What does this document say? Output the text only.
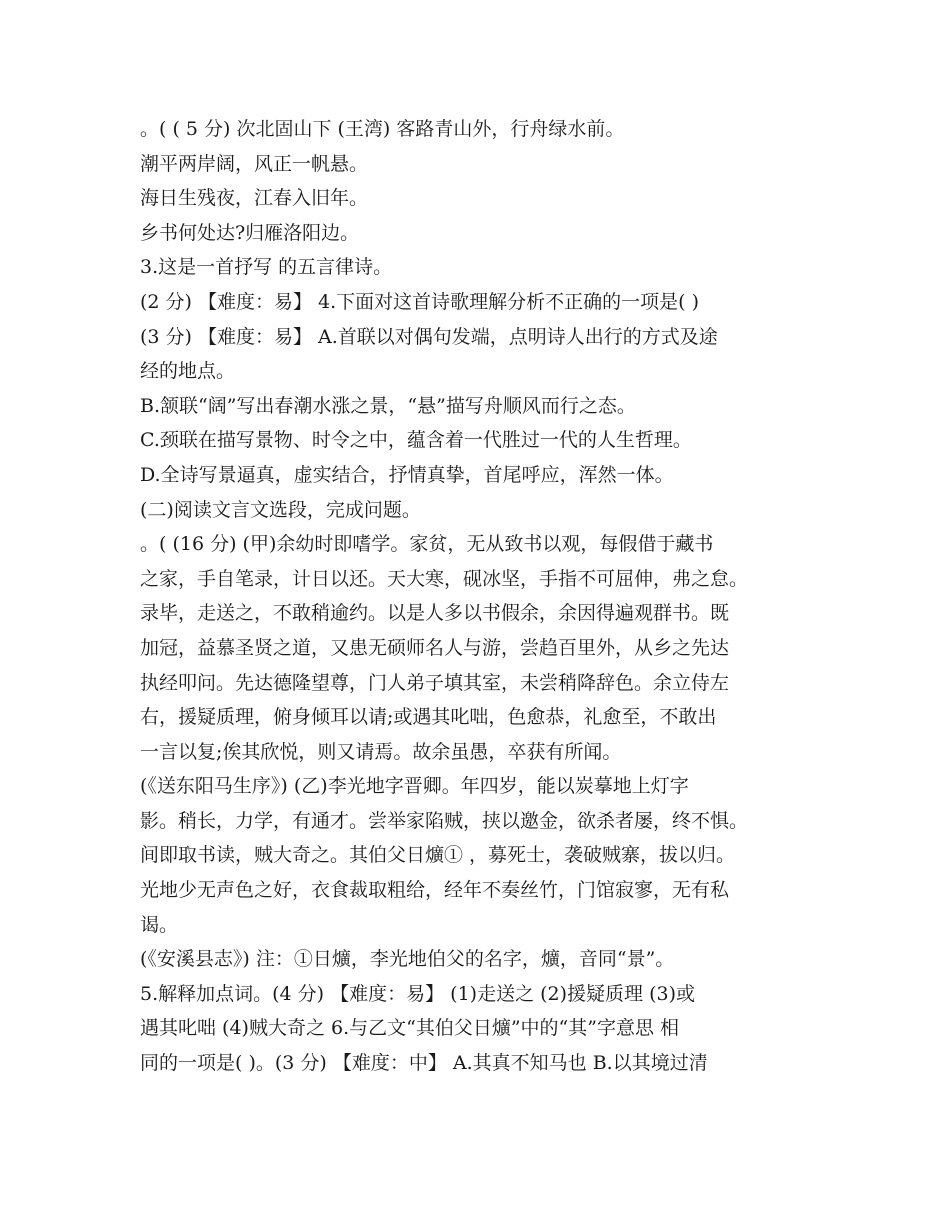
。( ( 5 分) 次北固山下 (王湾) 客路青山外，行舟绿水前。
潮平两岸阔，风正一帆悬。
海日生残夜，江春入旧年。
乡书何处达?归雁洛阳边。
3.这是一首抒写 的五言律诗。
(2 分) 【难度：易】 4.下面对这首诗歌理解分析不正确的一项是( )
(3 分) 【难度：易】 A.首联以对偶句发端，点明诗人出行的方式及途
经的地点。
B.颔联“阔”写出春潮水涨之景，“悬”描写舟顺风而行之态。
C.颈联在描写景物、时令之中，蕴含着一代胜过一代的人生哲理。
D.全诗写景逼真，虚实结合，抒情真挚，首尾呼应，浑然一体。
(二)阅读文言文选段，完成问题。
。( (16 分) (甲)余幼时即嗜学。家贫，无从致书以观，每假借于藏书
之家，手自笔录，计日以还。天大寒，砚冰坚，手指不可屈伸，弗之怠。
录毕，走送之，不敢稍逾约。以是人多以书假余，余因得遍观群书。既
加冠，益慕圣贤之道，又患无硕师名人与游，尝趋百里外，从乡之先达
执经叩问。先达德隆望尊，门人弟子填其室，未尝稍降辞色。余立侍左
右，援疑质理，俯身倾耳以请;或遇其叱咄，色愈恭，礼愈至，不敢出
一言以复;俟其欣悦，则又请焉。故余虽愚，卒获有所闻。
(《送东阳马生序》) (乙)李光地字晋卿。年四岁，能以炭摹地上灯字
影。稍长，力学，有通才。尝举家陷贼，挟以邀金，欲杀者屡，终不惧。
间即取书读，贼大奇之。其伯父日爌① ，募死士，袭破贼寨，拔以归。
光地少无声色之好，衣食裁取粗给，经年不奏丝竹，门馆寂寥，无有私
谒。
(《安溪县志》) 注：①日爌，李光地伯父的名字，爌，音同“景”。
5.解释加点词。(4 分) 【难度：易】 (1)走送之 (2)援疑质理 (3)或
遇其叱咄 (4)贼大奇之 6.与乙文“其伯父日爌”中的“其”字意思 相
同的一项是( )。(3 分) 【难度：中】 A.其真不知马也 B.以其境过清
